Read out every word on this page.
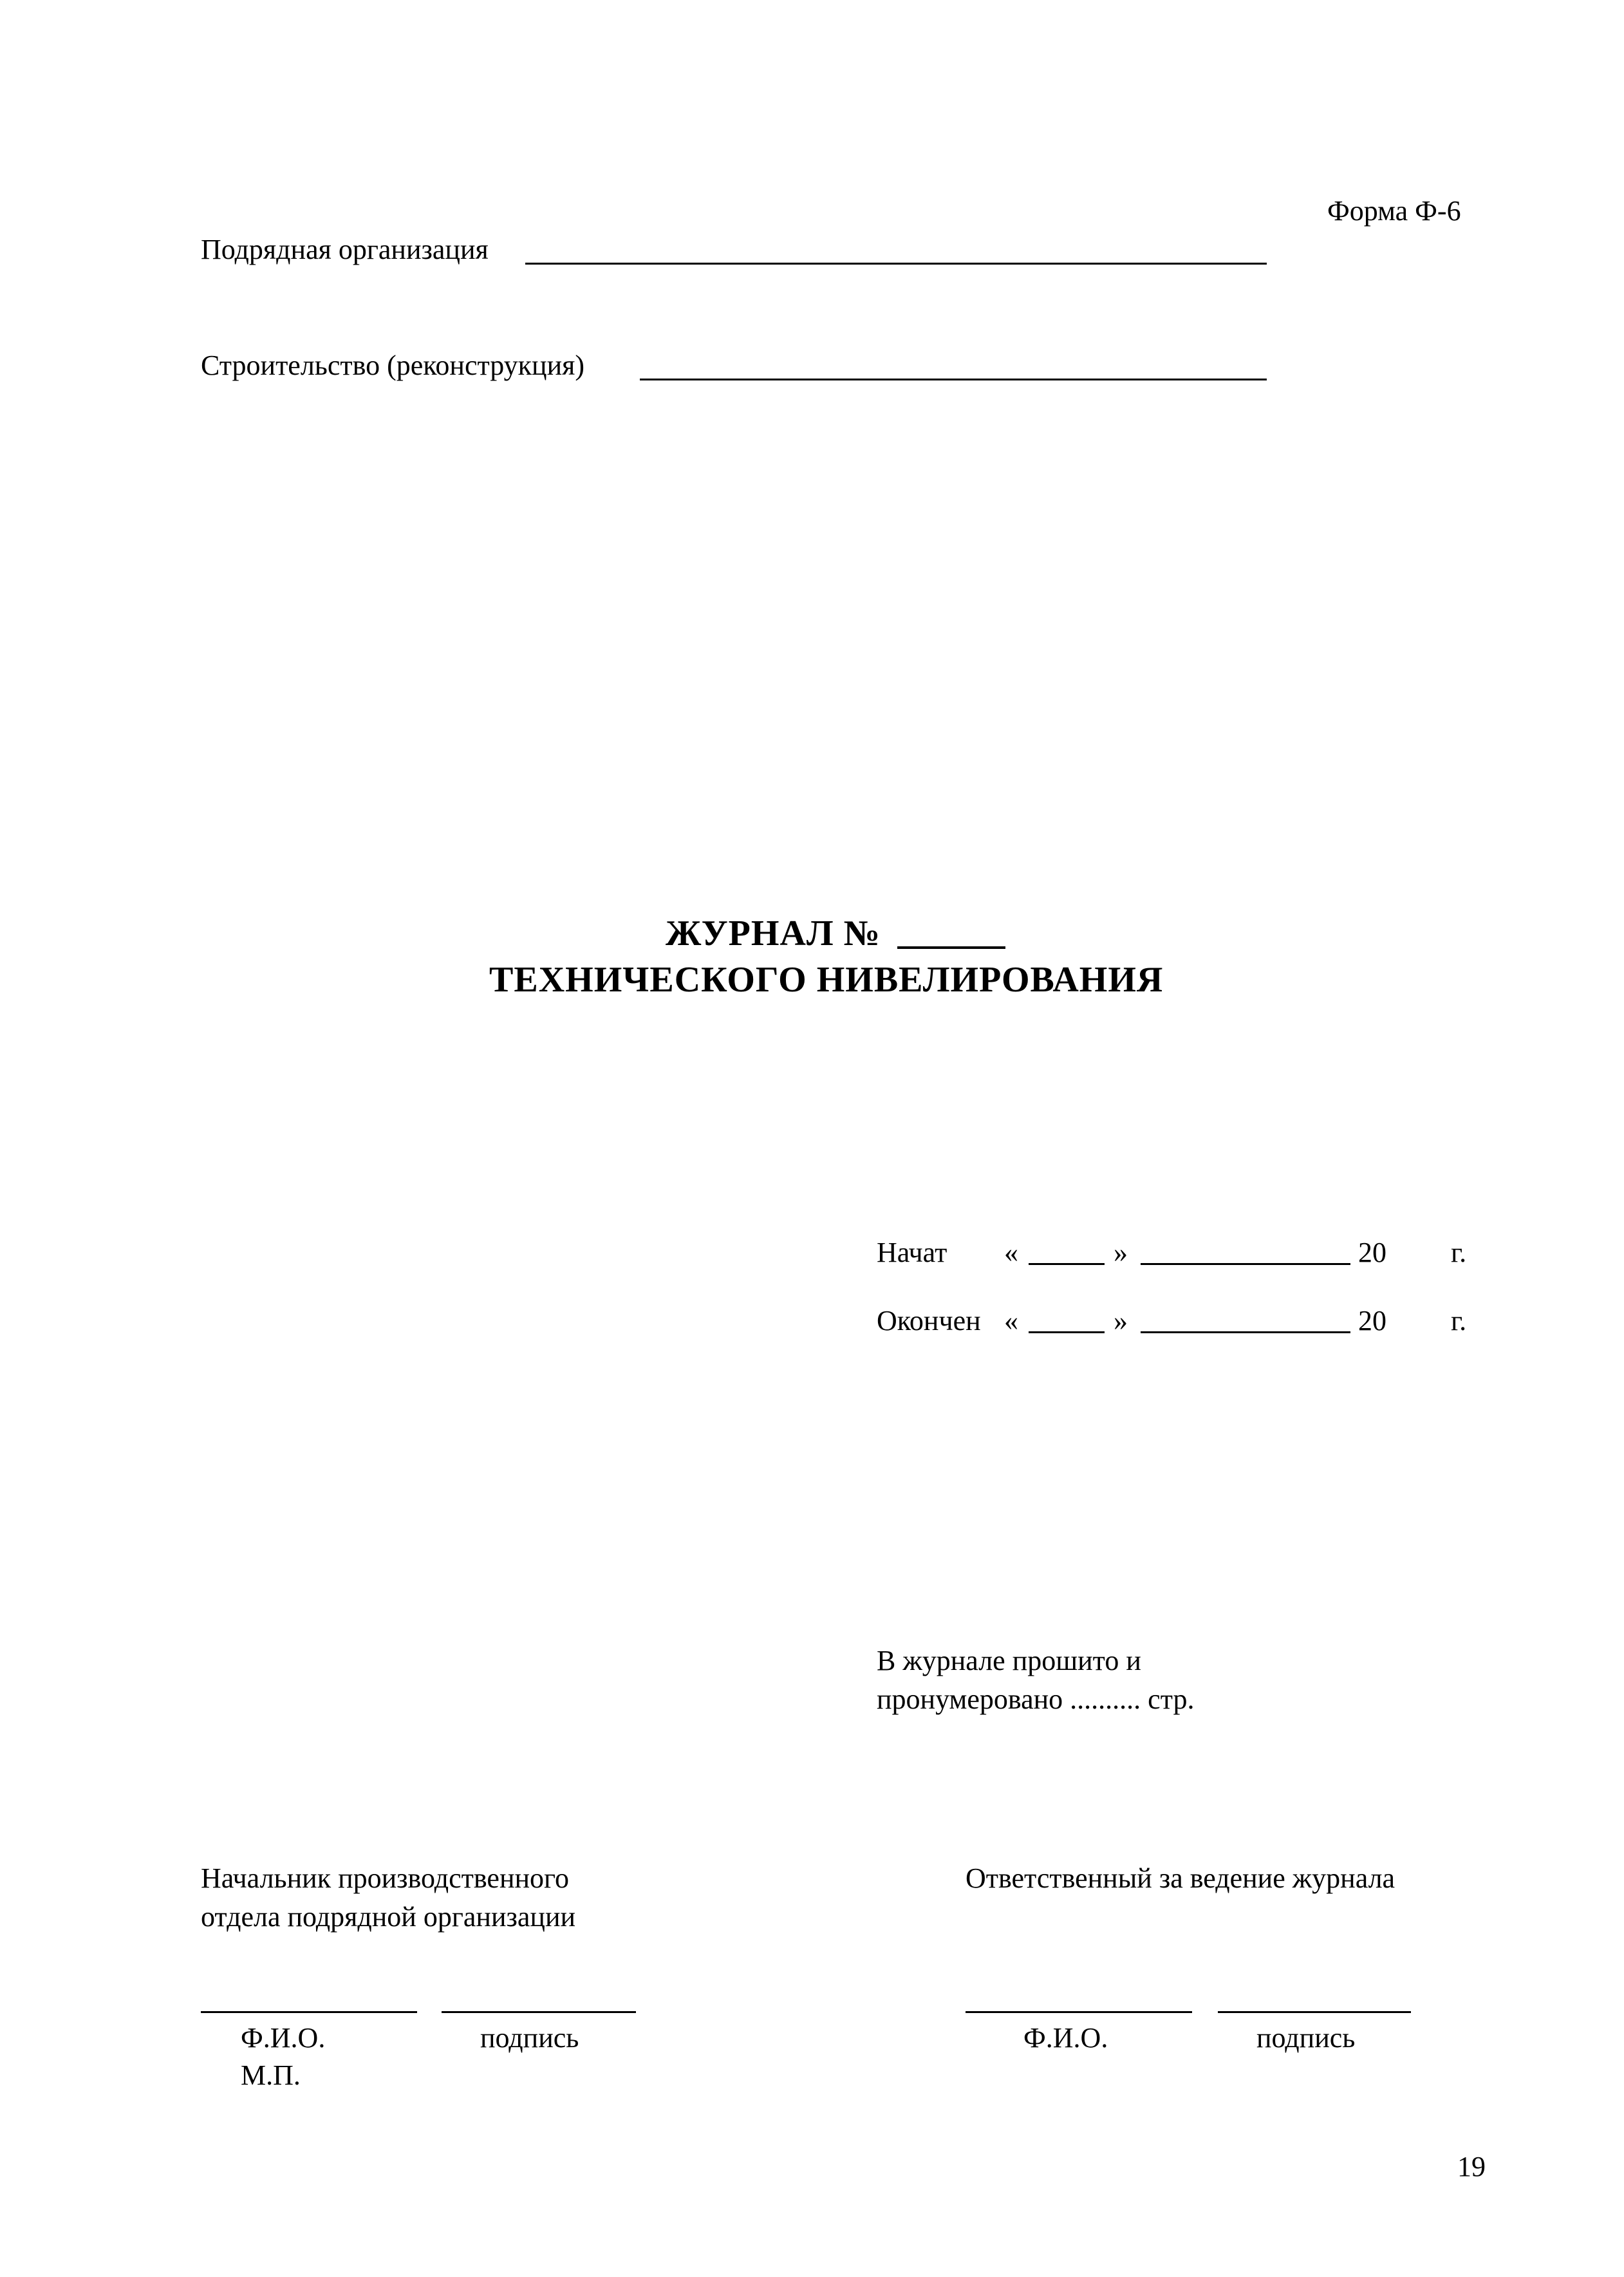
Форма Ф-6
Подрядная организация
Строительство (реконструкция)
ЖУРНАЛ №
ТЕХНИЧЕСКОГО НИВЕЛИРОВАНИЯ
Начат «	»	20 г.
Окончен «	»	20 г.
В журнале прошито и
пронумеровано .......... стр.
Начальник производственного
отдела подрядной организации
Ф.И.О.	подпись
М.П.
Ответственный за ведение журнала
Ф.И.О.	подпись
19
